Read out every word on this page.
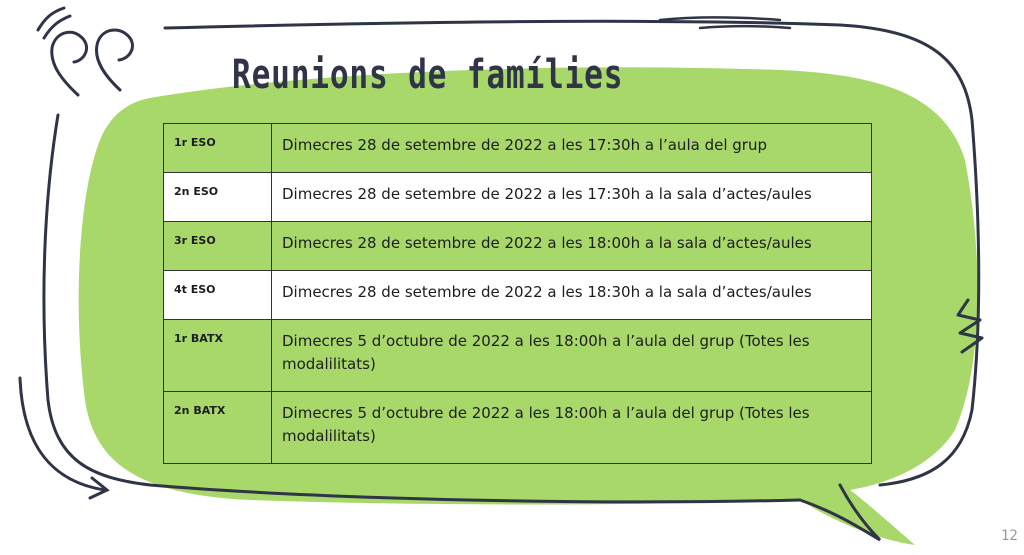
Reunions de famílies
1r ESO	Dimecres 28 de setembre de 2022 a les 17:30h a l’aula del grup
2n ESO	Dimecres 28 de setembre de 2022 a les 17:30h a la sala d’actes/aules
3r ESO	Dimecres 28 de setembre de 2022 a les 18:00h a la sala d’actes/aules
4t ESO	Dimecres 28 de setembre de 2022 a les 18:30h a la sala d’actes/aules
1r BATX	Dimecres 5 d’octubre de 2022 a les 18:00h a l’aula del grup (Totes les modalilitats)
2n BATX	Dimecres 5 d’octubre de 2022 a les 18:00h a l’aula del grup (Totes les modalilitats)

12
